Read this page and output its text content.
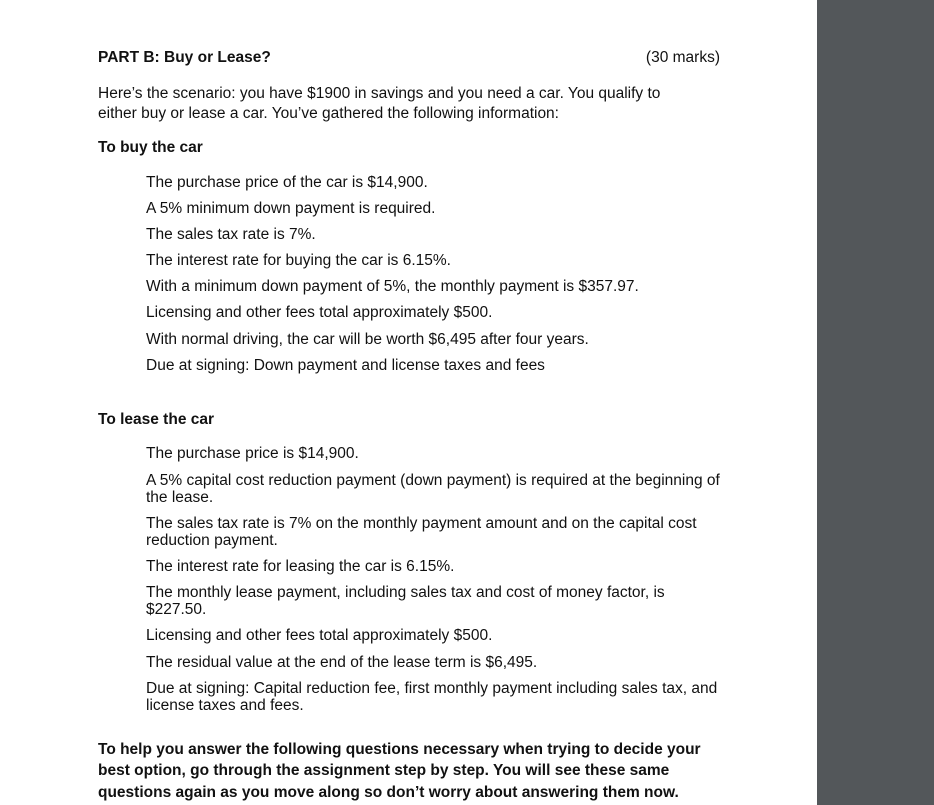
PART B: Buy or Lease?	(30 marks)
Here’s the scenario: you have $1900 in savings and you need a car. You qualify to either buy or lease a car. You’ve gathered the following information:
To buy the car
The purchase price of the car is $14,900.
A 5% minimum down payment is required.
The sales tax rate is 7%.
The interest rate for buying the car is 6.15%.
With a minimum down payment of 5%, the monthly payment is $357.97.
Licensing and other fees total approximately $500.
With normal driving, the car will be worth $6,495 after four years.
Due at signing: Down payment and license taxes and fees
To lease the car
The purchase price is $14,900.
A 5% capital cost reduction payment (down payment) is required at the beginning of the lease.
The sales tax rate is 7% on the monthly payment amount and on the capital cost reduction payment.
The interest rate for leasing the car is 6.15%.
The monthly lease payment, including sales tax and cost of money factor, is $227.50.
Licensing and other fees total approximately $500.
The residual value at the end of the lease term is $6,495.
Due at signing: Capital reduction fee, first monthly payment including sales tax, and license taxes and fees.
To help you answer the following questions necessary when trying to decide your best option, go through the assignment step by step. You will see these same questions again as you move along so don’t worry about answering them now.
